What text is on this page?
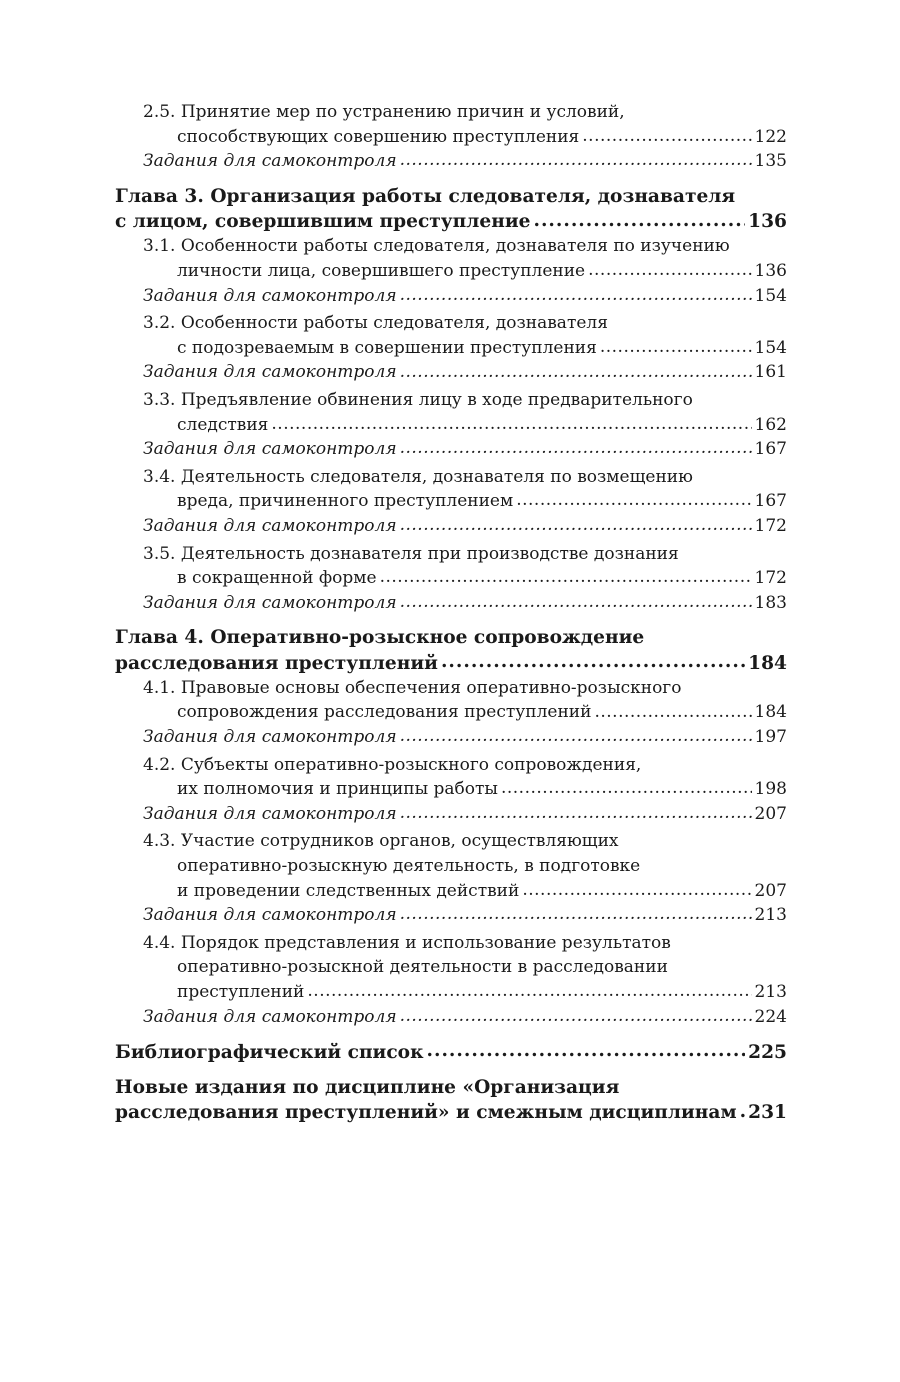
2.5. Принятие мер по устранению причин и условий,
способствующих совершению преступления .....	122
Задания для самоконтроля .....	135
Глава 3. Организация работы следователя, дознавателя
с лицом, совершившим преступление .....	136
3.1. Особенности работы следователя, дознавателя по изучению
личности лица, совершившего преступление .....	136
Задания для самоконтроля .....	154
3.2. Особенности работы следователя, дознавателя
с подозреваемым в совершении преступления .....	154
Задания для самоконтроля .....	161
3.3. Предъявление обвинения лицу в ходе предварительного
следствия .....	162
Задания для самоконтроля .....	167
3.4. Деятельность следователя, дознавателя по возмещению
вреда, причиненного преступлением .....	167
Задания для самоконтроля .....	172
3.5. Деятельность дознавателя при производстве дознания
в сокращенной форме .....	172
Задания для самоконтроля .....	183
Глава 4. Оперативно-розыскное сопровождение
расследования преступлений .....	184
4.1. Правовые основы обеспечения оперативно-розыскного
сопровождения расследования преступлений .....	184
Задания для самоконтроля .....	197
4.2. Субъекты оперативно-розыскного сопровождения,
их полномочия и принципы работы .....	198
Задания для самоконтроля .....	207
4.3. Участие сотрудников органов, осуществляющих
оперативно-розыскную деятельность, в подготовке
и проведении следственных действий .....	207
Задания для самоконтроля .....	213
4.4. Порядок представления и использование результатов
оперативно-розыскной деятельности в расследовании
преступлений .....	213
Задания для самоконтроля .....	224
Библиографический список .....	225
Новые издания по дисциплине «Организация
расследования преступлений» и смежным дисциплинам ..... 231
